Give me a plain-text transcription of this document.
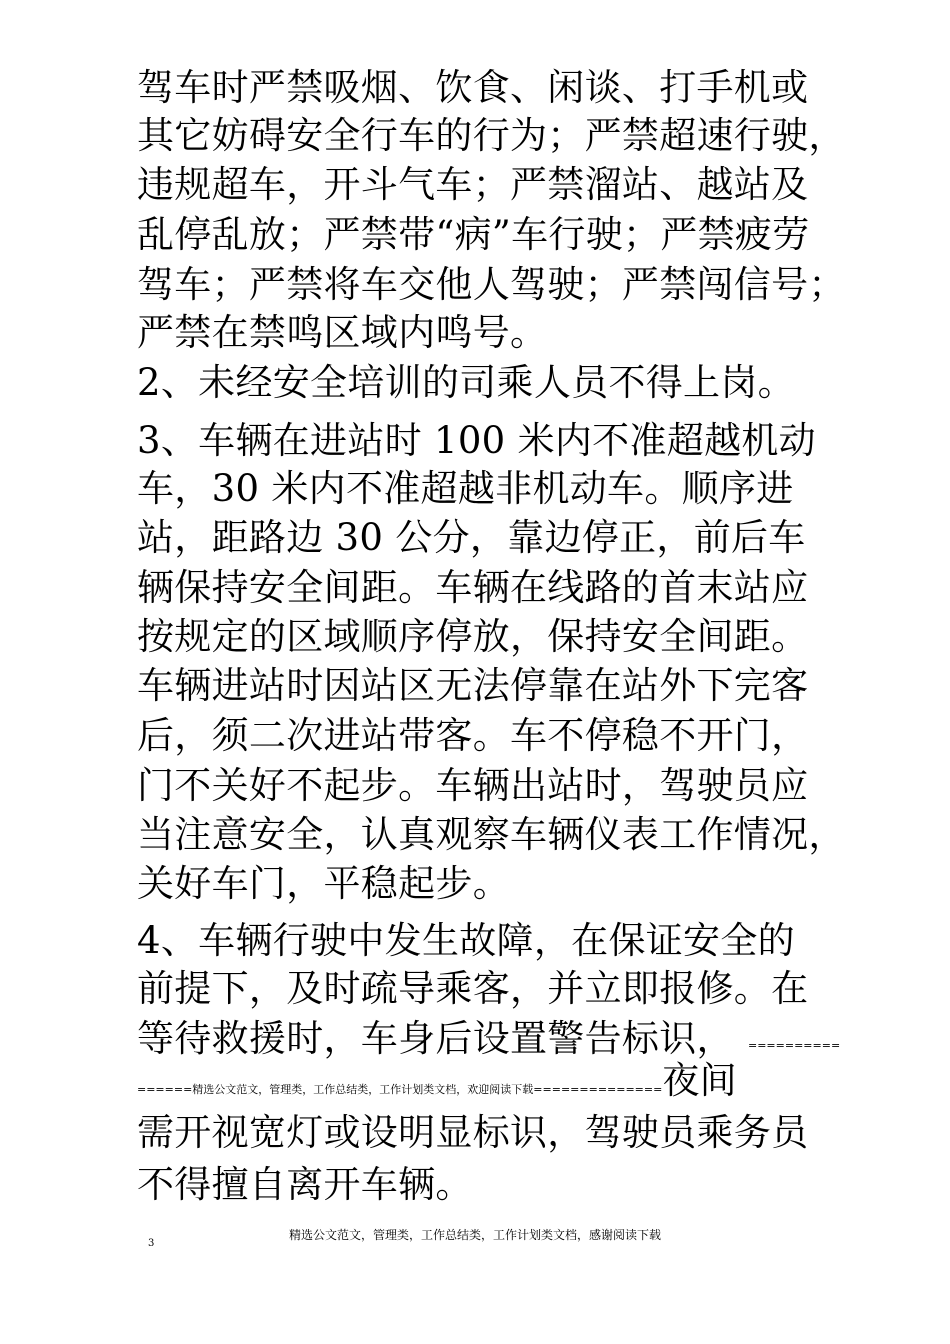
驾车时严禁吸烟、饮食、闲谈、打手机或
其它妨碍安全行车的行为；严禁超速行驶，
违规超车，开斗气车；严禁溜站、越站及
乱停乱放；严禁带“病”车行驶；严禁疲劳
驾车；严禁将车交他人驾驶；严禁闯信号；
严禁在禁鸣区域内鸣号。
2、未经安全培训的司乘人员不得上岗。
3、车辆在进站时 100 米内不准超越机动
车，30 米内不准超越非机动车。顺序进
站，距路边 30 公分，靠边停正，前后车
辆保持安全间距。车辆在线路的首末站应
按规定的区域顺序停放，保持安全间距。
车辆进站时因站区无法停靠在站外下完客
后，须二次进站带客。车不停稳不开门，
门不关好不起步。车辆出站时，驾驶员应
当注意安全，认真观察车辆仪表工作情况，
关好车门，平稳起步。
4、车辆行驶中发生故障，在保证安全的
前提下，及时疏导乘客，并立即报修。在
等待救援时，车身后设置警告标识， ==========
======精选公文范文，管理类，工作总结类，工作计划类文档，欢迎阅读下载==============夜间
需开视宽灯或设明显标识，驾驶员乘务员
不得擅自离开车辆。
精选公文范文，管理类，工作总结类，工作计划类文档，感谢阅读下载
3
